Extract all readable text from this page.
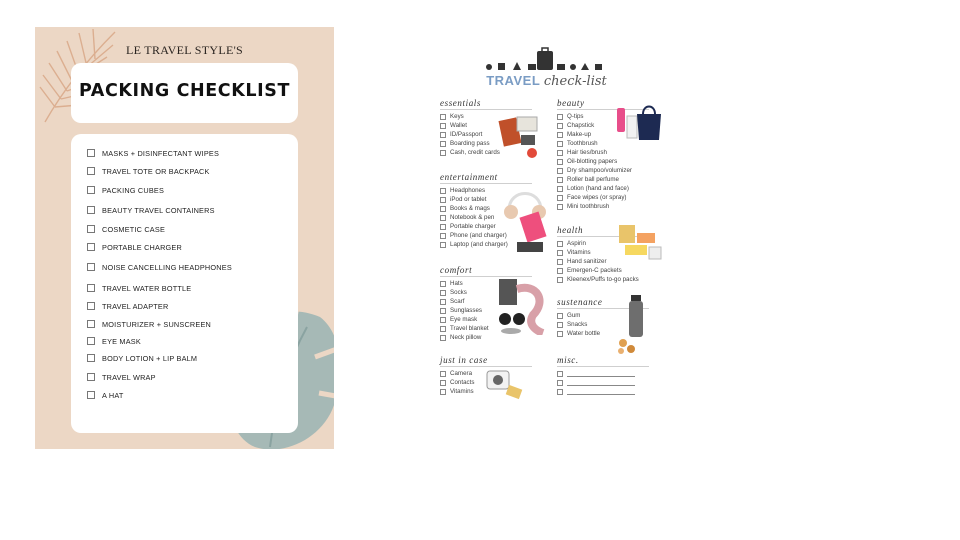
LE TRAVEL STYLE'S
PACKING CHECKLIST
MASKS + DISINFECTANT WIPES
TRAVEL TOTE OR BACKPACK
PACKING CUBES
BEAUTY TRAVEL CONTAINERS
COSMETIC CASE
PORTABLE CHARGER
NOISE CANCELLING HEADPHONES
TRAVEL WATER BOTTLE
TRAVEL ADAPTER
MOISTURIZER + SUNSCREEN
EYE MASK
BODY LOTION + LIP BALM
TRAVEL WRAP
A HAT
TRAVEL check-list
essentials
Keys
Wallet
ID/Passport
Boarding pass
Cash, credit cards
beauty
Q-tips
Chapstick
Make-up
Toothbrush
Hair ties/brush
Oil-blotting papers
Dry shampoo/volumizer
Roller ball perfume
Lotion (hand and face)
Face wipes (or spray)
Mini toothbrush
entertainment
Headphones
iPod or tablet
Books & mags
Notebook & pen
Portable charger
Phone (and charger)
Laptop (and charger)
health
Aspirin
Vitamins
Hand sanitizer
Emergen-C packets
Kleenex/Puffs to-go packs
comfort
Hats
Socks
Scarf
Sunglasses
Eye mask
Travel blanket
Neck pillow
sustenance
Gum
Snacks
Water bottle
just in case
Camera
Contacts
Vitamins
misc.
